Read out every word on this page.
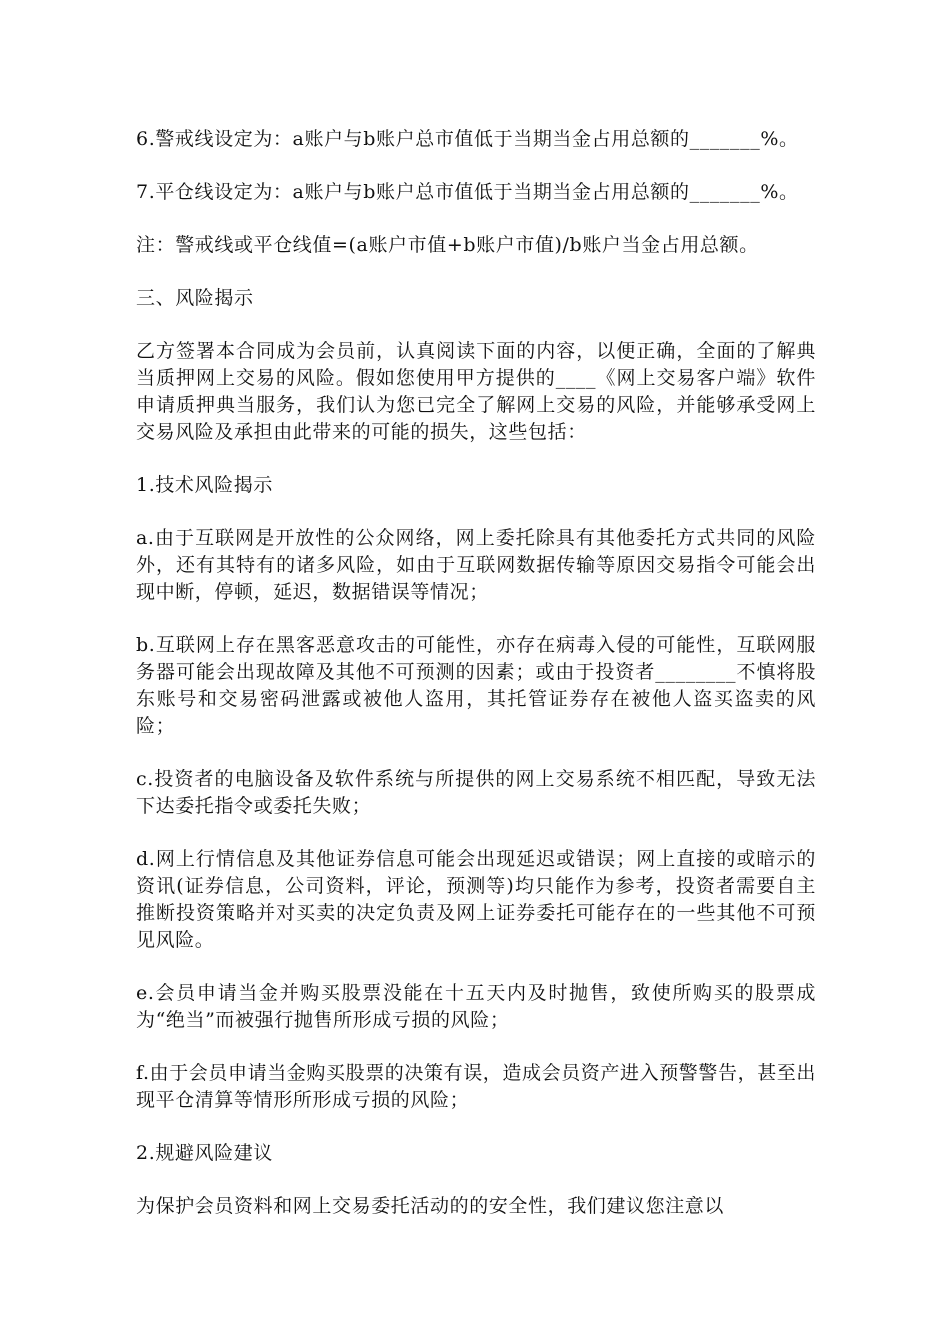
6.警戒线设定为：a账户与b账户总市值低于当期当金占用总额的_______%。

7.平仓线设定为：a账户与b账户总市值低于当期当金占用总额的_______%。

注：警戒线或平仓线值=(a账户市值+b账户市值)/b账户当金占用总额。

三、风险揭示

乙方签署本合同成为会员前，认真阅读下面的内容，以便正确，全面的了解典当质押网上交易的风险。假如您使用甲方提供的____《网上交易客户端》软件申请质押典当服务，我们认为您已完全了解网上交易的风险，并能够承受网上交易风险及承担由此带来的可能的损失，这些包括：

1.技术风险揭示

a.由于互联网是开放性的公众网络，网上委托除具有其他委托方式共同的风险外，还有其特有的诸多风险，如由于互联网数据传输等原因交易指令可能会出现中断，停顿，延迟，数据错误等情况；

b.互联网上存在黑客恶意攻击的可能性，亦存在病毒入侵的可能性，互联网服务器可能会出现故障及其他不可预测的因素；或由于投资者________不慎将股东账号和交易密码泄露或被他人盗用，其托管证券存在被他人盗买盗卖的风险；

c.投资者的电脑设备及软件系统与所提供的网上交易系统不相匹配，导致无法下达委托指令或委托失败；

d.网上行情信息及其他证券信息可能会出现延迟或错误；网上直接的或暗示的资讯(证券信息，公司资料，评论，预测等)均只能作为参考，投资者需要自主推断投资策略并对买卖的决定负责及网上证券委托可能存在的一些其他不可预见风险。

e.会员申请当金并购买股票没能在十五天内及时抛售，致使所购买的股票成为“绝当”而被强行抛售所形成亏损的风险；

f.由于会员申请当金购买股票的决策有误，造成会员资产进入预警警告，甚至出现平仓清算等情形所形成亏损的风险；

2.规避风险建议

为保护会员资料和网上交易委托活动的的安全性，我们建议您注意以
